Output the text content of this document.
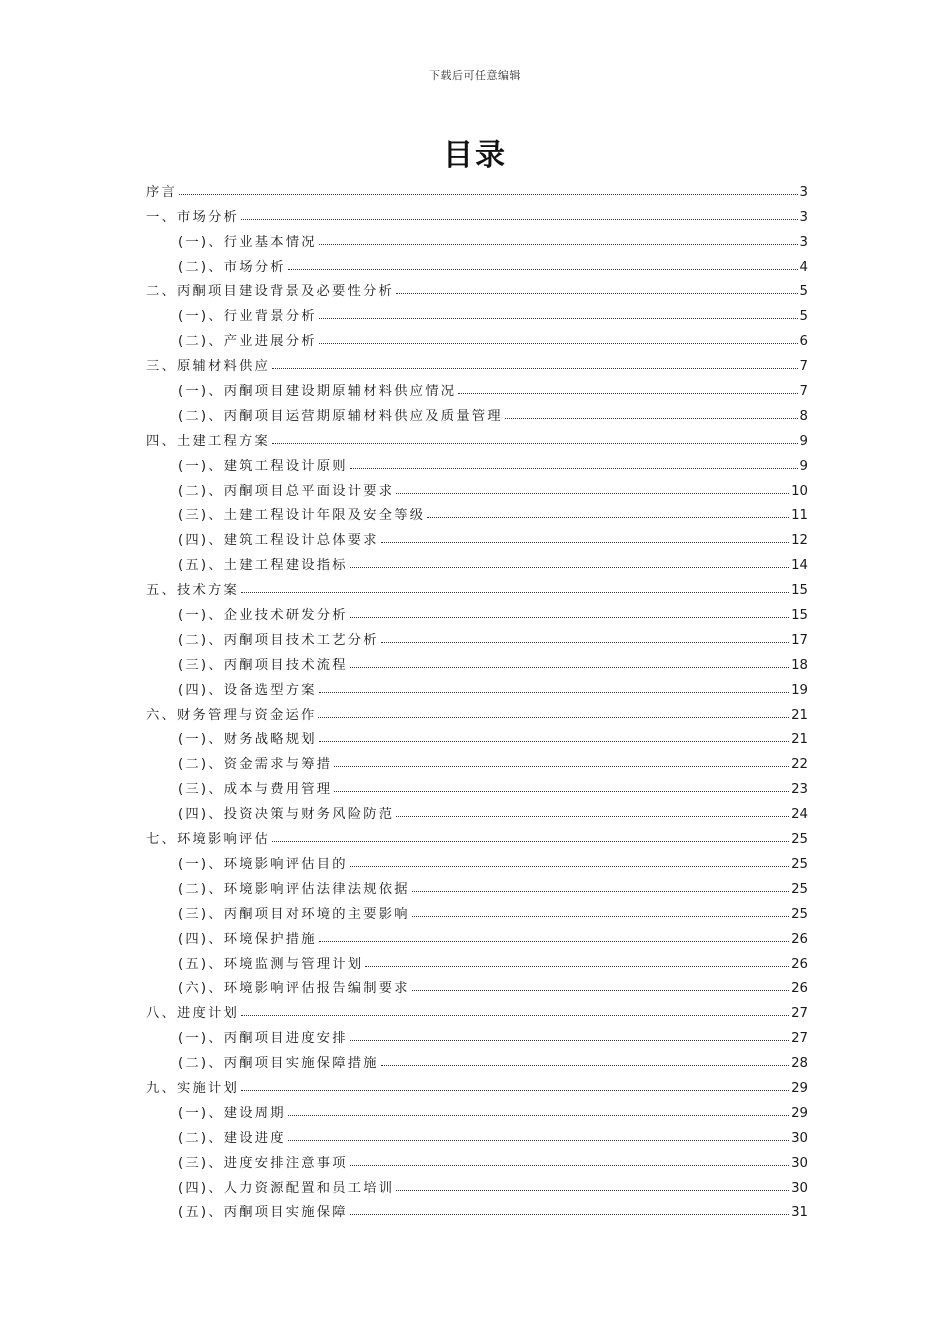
下载后可任意编辑
目录
序言	3
一、市场分析	3
(一)、行业基本情况	3
(二)、市场分析	4
二、丙酮项目建设背景及必要性分析	5
(一)、行业背景分析	5
(二)、产业进展分析	6
三、原辅材料供应	7
(一)、丙酮项目建设期原辅材料供应情况	7
(二)、丙酮项目运营期原辅材料供应及质量管理	8
四、土建工程方案	9
(一)、建筑工程设计原则	9
(二)、丙酮项目总平面设计要求	10
(三)、土建工程设计年限及安全等级	11
(四)、建筑工程设计总体要求	12
(五)、土建工程建设指标	14
五、技术方案	15
(一)、企业技术研发分析	15
(二)、丙酮项目技术工艺分析	17
(三)、丙酮项目技术流程	18
(四)、设备选型方案	19
六、财务管理与资金运作	21
(一)、财务战略规划	21
(二)、资金需求与筹措	22
(三)、成本与费用管理	23
(四)、投资决策与财务风险防范	24
七、环境影响评估	25
(一)、环境影响评估目的	25
(二)、环境影响评估法律法规依据	25
(三)、丙酮项目对环境的主要影响	25
(四)、环境保护措施	26
(五)、环境监测与管理计划	26
(六)、环境影响评估报告编制要求	26
八、进度计划	27
(一)、丙酮项目进度安排	27
(二)、丙酮项目实施保障措施	28
九、实施计划	29
(一)、建设周期	29
(二)、建设进度	30
(三)、进度安排注意事项	30
(四)、人力资源配置和员工培训	30
(五)、丙酮项目实施保障	31
